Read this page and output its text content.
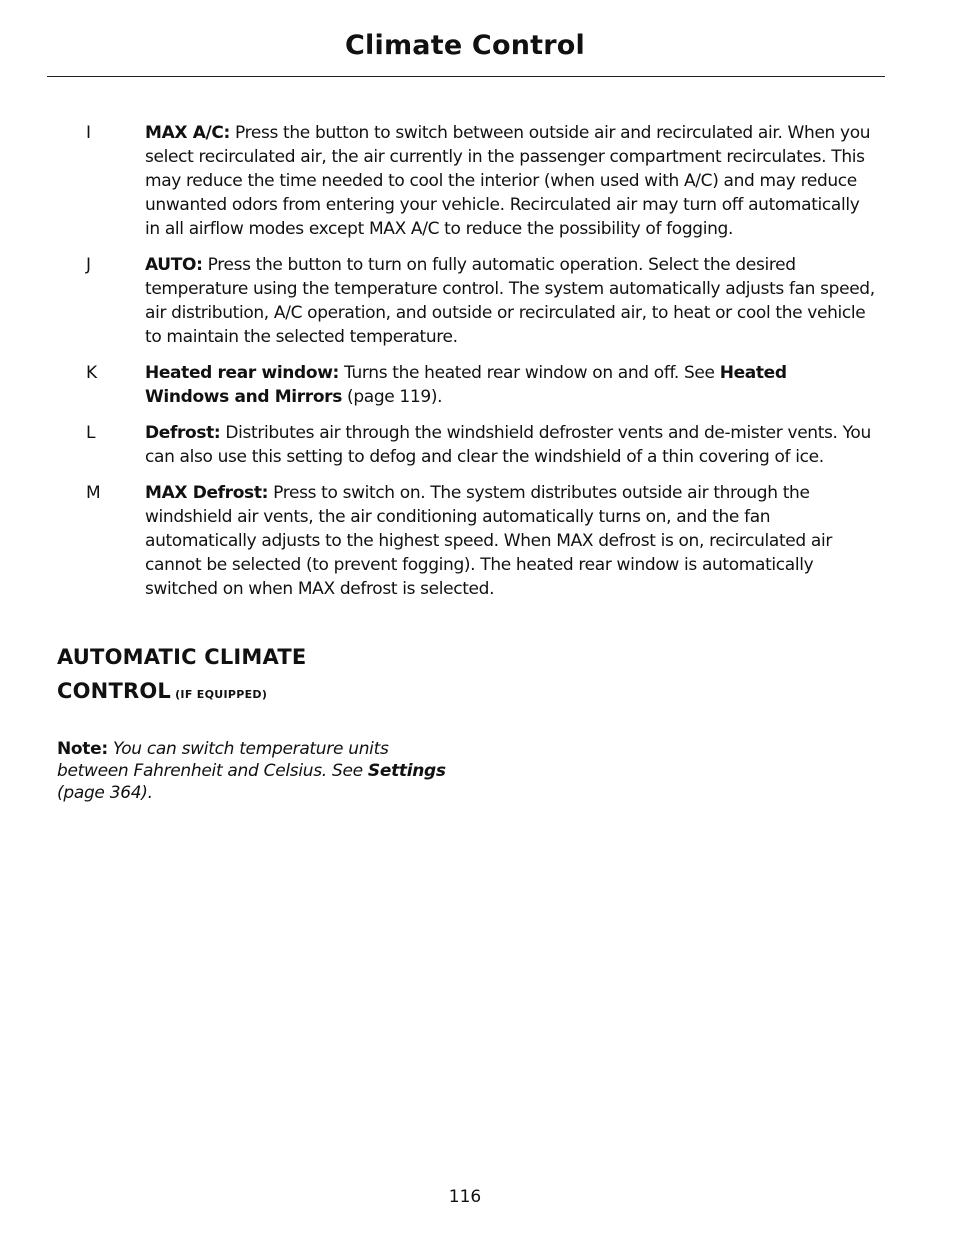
Climate Control
I	MAX A/C: Press the button to switch between outside air and recirculated air. When you select recirculated air, the air currently in the passenger compartment recirculates. This may reduce the time needed to cool the interior (when used with A/C) and may reduce unwanted odors from entering your vehicle. Recirculated air may turn off automatically in all airflow modes except MAX A/C to reduce the possibility of fogging.
J	AUTO: Press the button to turn on fully automatic operation. Select the desired temperature using the temperature control. The system automatically adjusts fan speed, air distribution, A/C operation, and outside or recirculated air, to heat or cool the vehicle to maintain the selected temperature.
K	Heated rear window: Turns the heated rear window on and off. See Heated Windows and Mirrors (page 119).
L	Defrost: Distributes air through the windshield defroster vents and de-mister vents. You can also use this setting to defog and clear the windshield of a thin covering of ice.
M	MAX Defrost: Press to switch on. The system distributes outside air through the windshield air vents, the air conditioning automatically turns on, and the fan automatically adjusts to the highest speed. When MAX defrost is on, recirculated air cannot be selected (to prevent fogging). The heated rear window is automatically switched on when MAX defrost is selected.
AUTOMATIC CLIMATE
CONTROL (IF EQUIPPED)
Note: You can switch temperature units between Fahrenheit and Celsius. See Settings (page 364).
116
